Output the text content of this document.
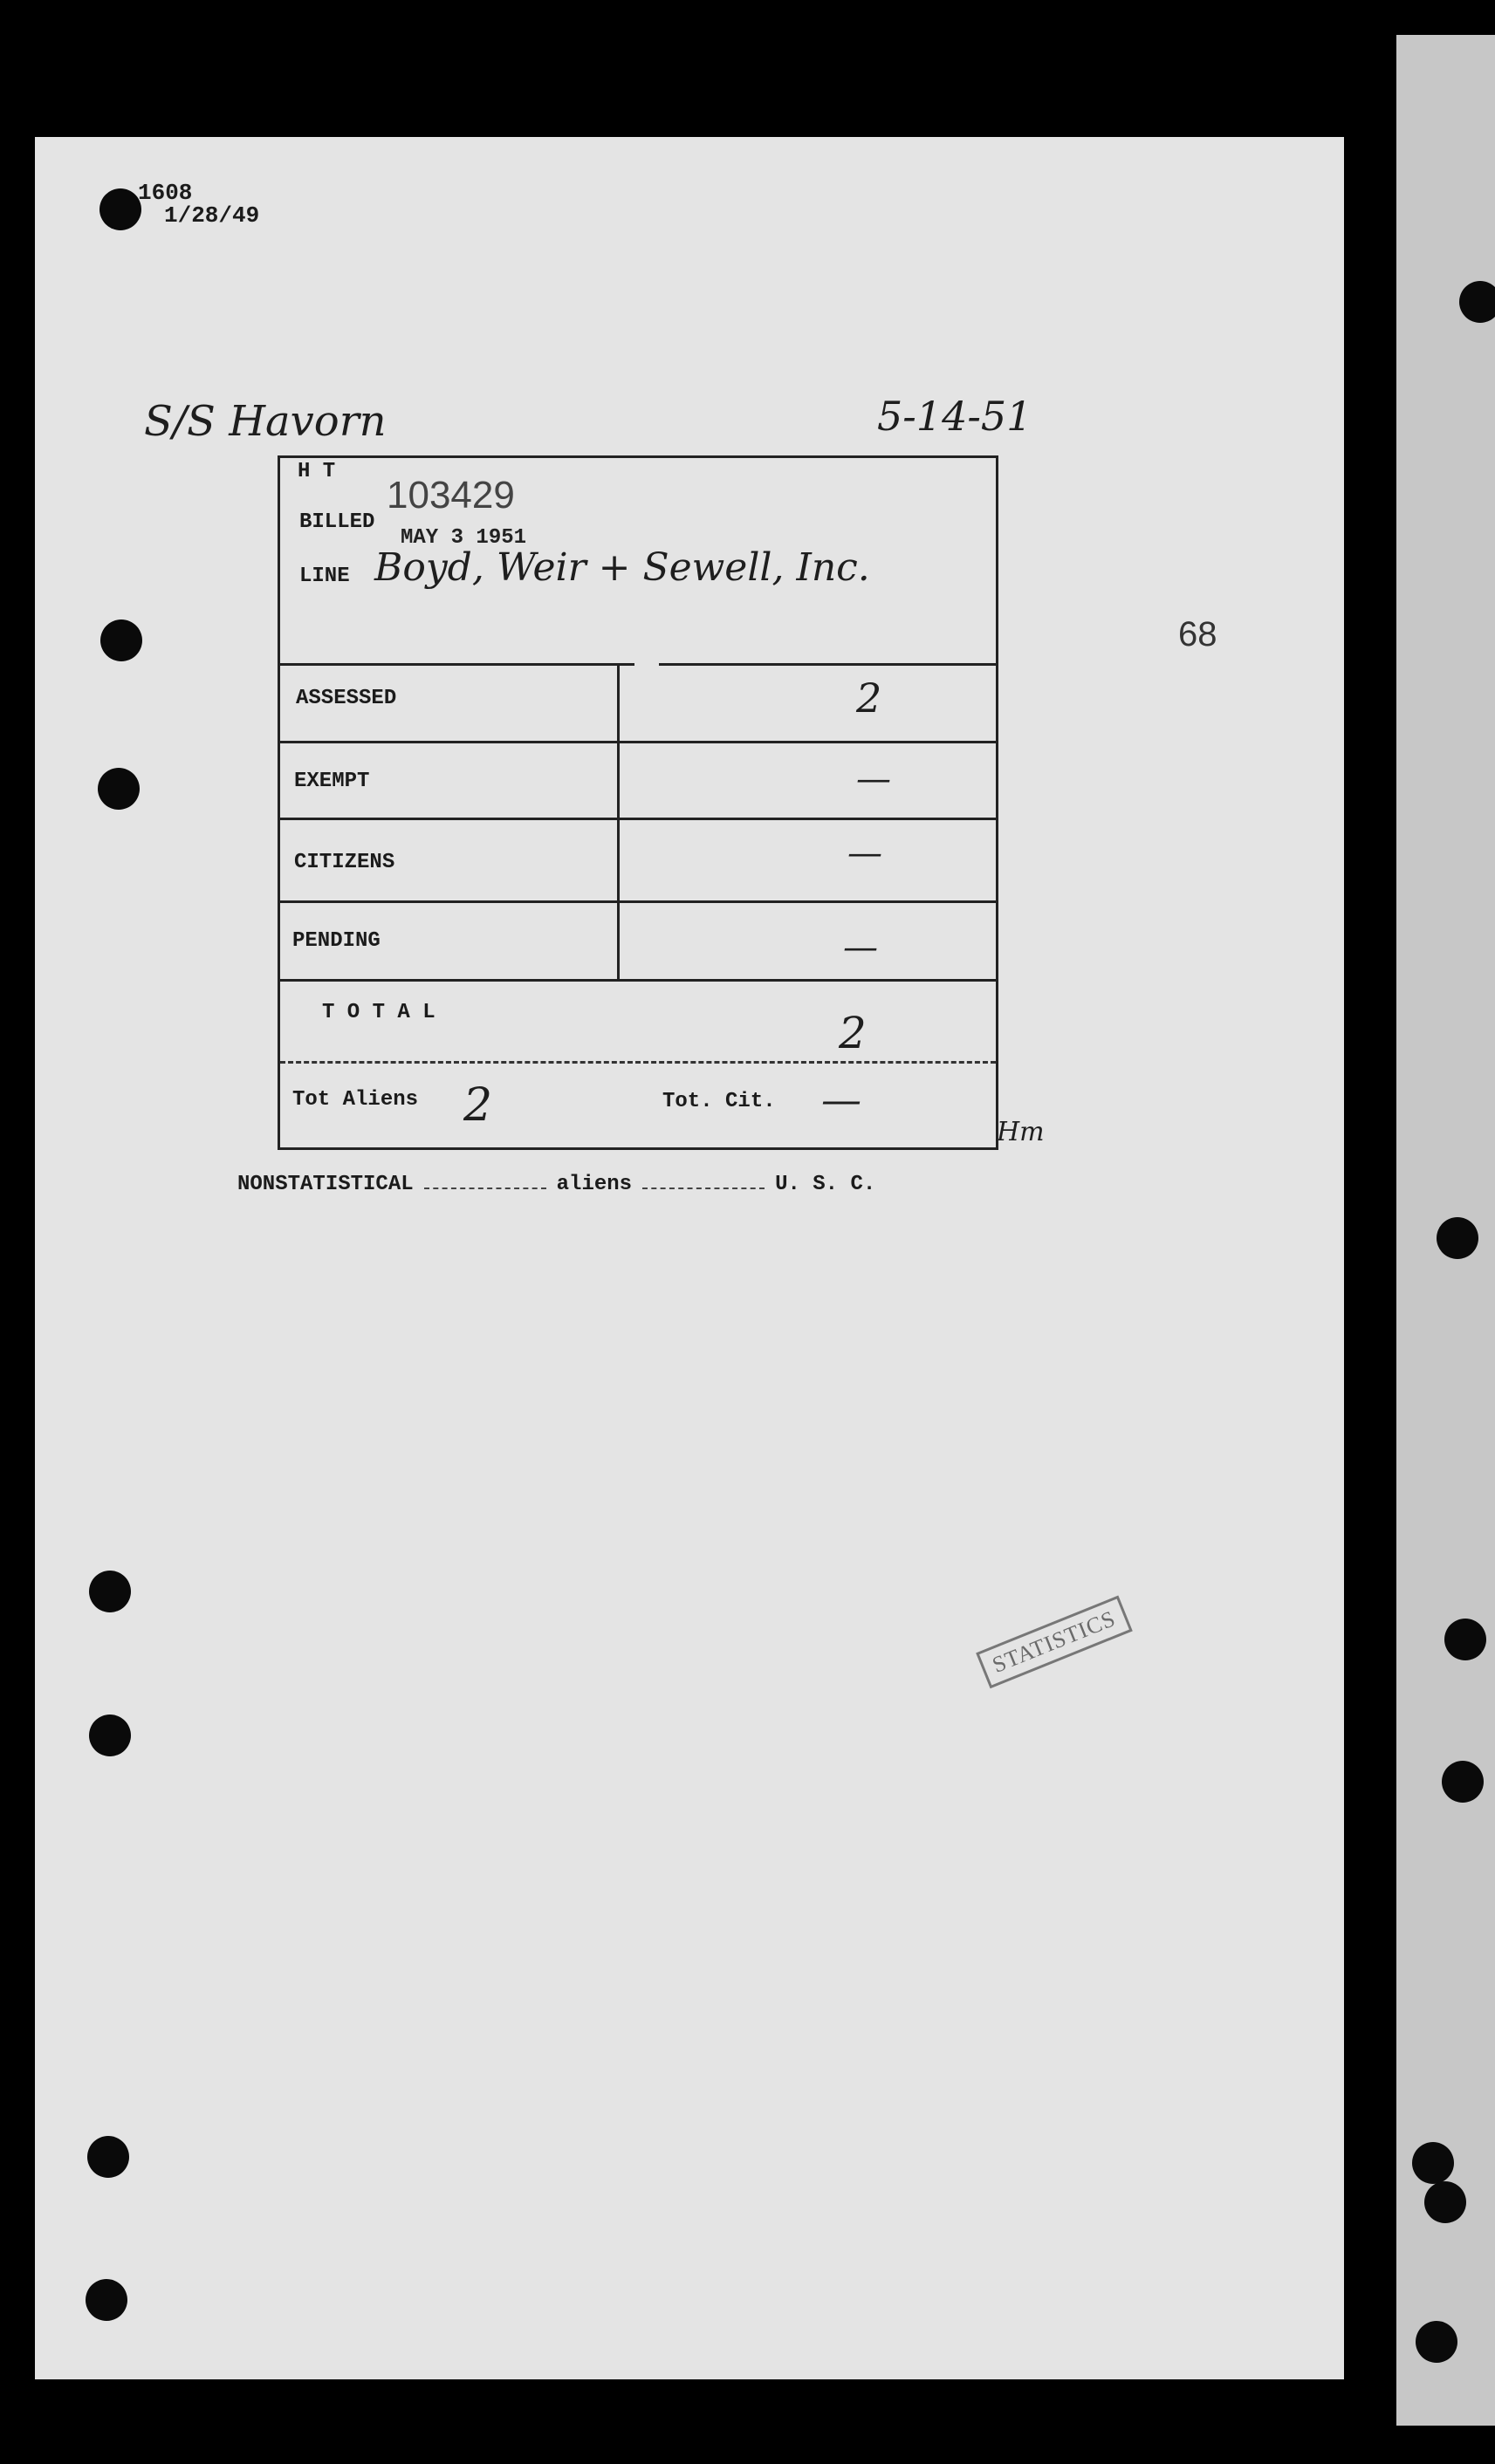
1608
1/28/49
S/S Havorn	5-14-51
H T
103429
BILLED
MAY 3 1951
LINE Boyd, Weir + Sewell, Inc.
ASSESSED	2
EXEMPT	—
CITIZENS	—
PENDING	—
T O T A L	2
Tot Aliens 2	Tot. Cit. —
Hm
68
NONSTATISTICAL	aliens	U. S. C.
STATISTICS
